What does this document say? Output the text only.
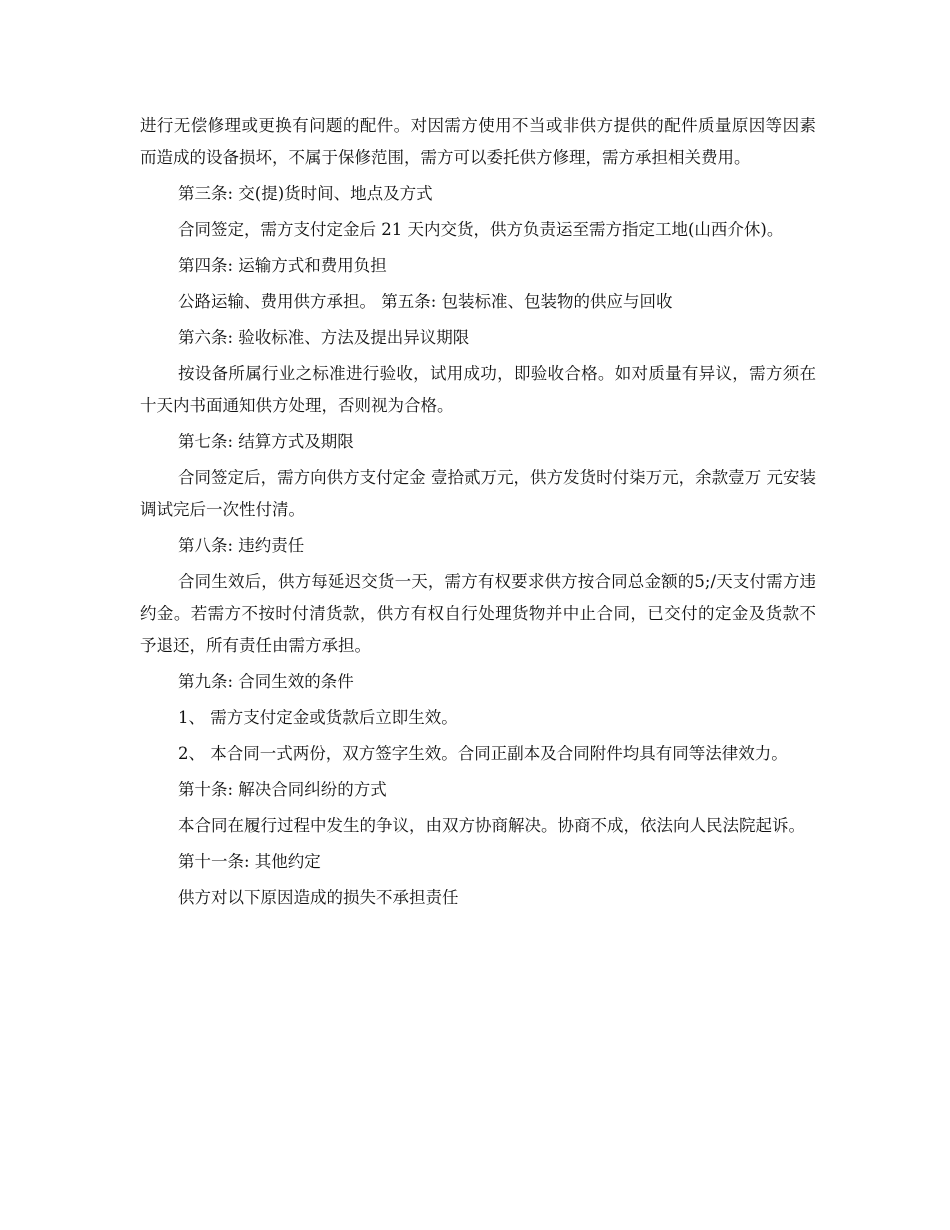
进行无偿修理或更换有问题的配件。对因需方使用不当或非供方提供的配件质量原因等因素而造成的设备损坏，不属于保修范围，需方可以委托供方修理，需方承担相关费用。

第三条: 交(提)货时间、地点及方式

合同签定，需方支付定金后 21 天内交货，供方负责运至需方指定工地(山西介休)。

第四条: 运输方式和费用负担

公路运输、费用供方承担。 第五条: 包装标准、包装物的供应与回收

第六条: 验收标准、方法及提出异议期限

按设备所属行业之标准进行验收，试用成功，即验收合格。如对质量有异议，需方须在十天内书面通知供方处理，否则视为合格。

第七条: 结算方式及期限

合同签定后，需方向供方支付定金 壹拾贰万元，供方发货时付柒万元，余款壹万 元安装调试完后一次性付清。

第八条: 违约责任

合同生效后，供方每延迟交货一天，需方有权要求供方按合同总金额的5;/天支付需方违约金。若需方不按时付清货款，供方有权自行处理货物并中止合同，已交付的定金及货款不予退还，所有责任由需方承担。

第九条: 合同生效的条件

1、 需方支付定金或货款后立即生效。

2、 本合同一式两份，双方签字生效。合同正副本及合同附件均具有同等法律效力。

第十条: 解决合同纠纷的方式

本合同在履行过程中发生的争议，由双方协商解决。协商不成，依法向人民法院起诉。

第十一条: 其他约定

供方对以下原因造成的损失不承担责任
